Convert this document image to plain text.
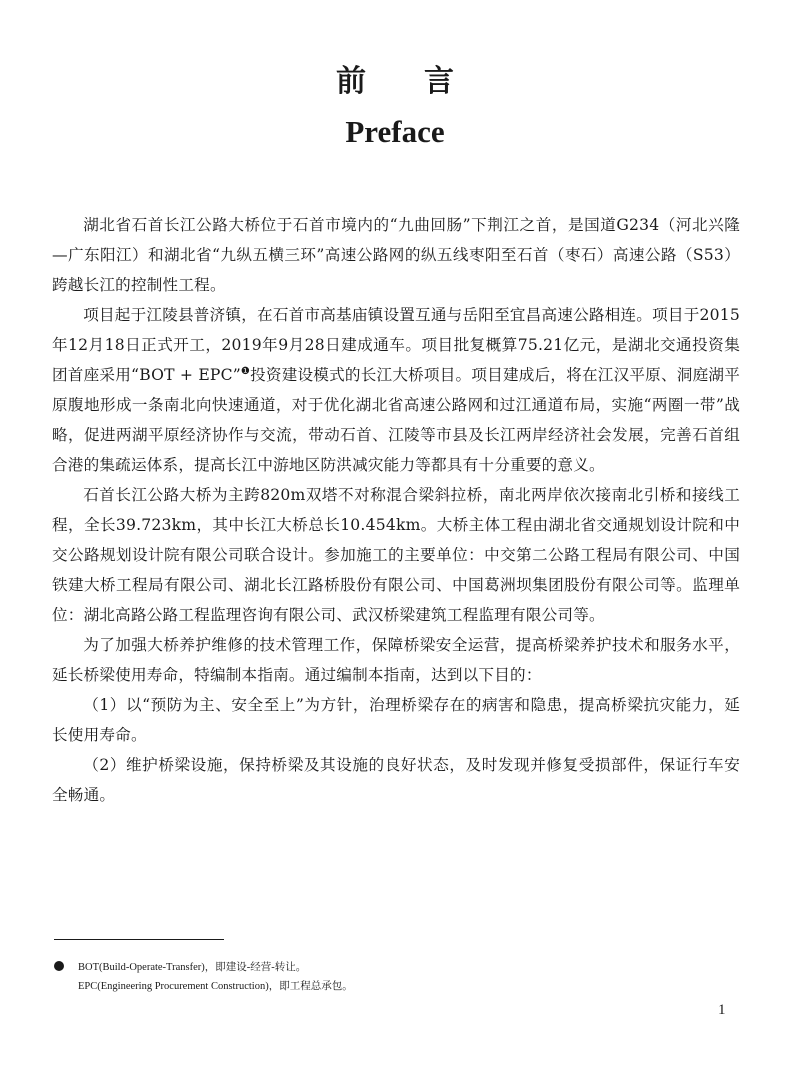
前言
Preface

湖北省石首长江公路大桥位于石首市境内的“九曲回肠”下荆江之首，是国道G234（河北兴隆—广东阳江）和湖北省“九纵五横三环”高速公路网的纵五线枣阳至石首（枣石）高速公路（S53）跨越长江的控制性工程。

项目起于江陵县普济镇，在石首市高基庙镇设置互通与岳阳至宜昌高速公路相连。项目于2015年12月18日正式开工，2019年9月28日建成通车。项目批复概算75.21亿元，是湖北交通投资集团首座采用“BOT + EPC”$^❶$投资建设模式的长江大桥项目。项目建成后，将在江汉平原、洞庭湖平原腹地形成一条南北向快速通道，对于优化湖北省高速公路网和过江通道布局，实施“两圈一带”战略，促进两湖平原经济协作与交流，带动石首、江陵等市县及长江两岸经济社会发展，完善石首组合港的集疏运体系，提高长江中游地区防洪减灾能力等都具有十分重要的意义。

石首长江公路大桥为主跨820m双塔不对称混合梁斜拉桥，南北两岸依次接南北引桥和接线工程，全长39.723km，其中长江大桥总长10.454km。大桥主体工程由湖北省交通规划设计院和中交公路规划设计院有限公司联合设计。参加施工的主要单位：中交第二公路工程局有限公司、中国铁建大桥工程局有限公司、湖北长江路桥股份有限公司、中国葛洲坝集团股份有限公司等。监理单位：湖北高路公路工程监理咨询有限公司、武汉桥梁建筑工程监理有限公司等。

为了加强大桥养护维修的技术管理工作，保障桥梁安全运营，提高桥梁养护技术和服务水平，延长桥梁使用寿命，特编制本指南。通过编制本指南，达到以下目的：

（1）以“预防为主、安全至上”为方针，治理桥梁存在的病害和隐患，提高桥梁抗灾能力，延长使用寿命。

（2）维护桥梁设施，保持桥梁及其设施的良好状态，及时发现并修复受损部件，保证行车安全畅通。

BOT(Build-Operate-Transfer)，即建设-经营-转让。
EPC(Engineering Procurement Construction)，即工程总承包。
1
